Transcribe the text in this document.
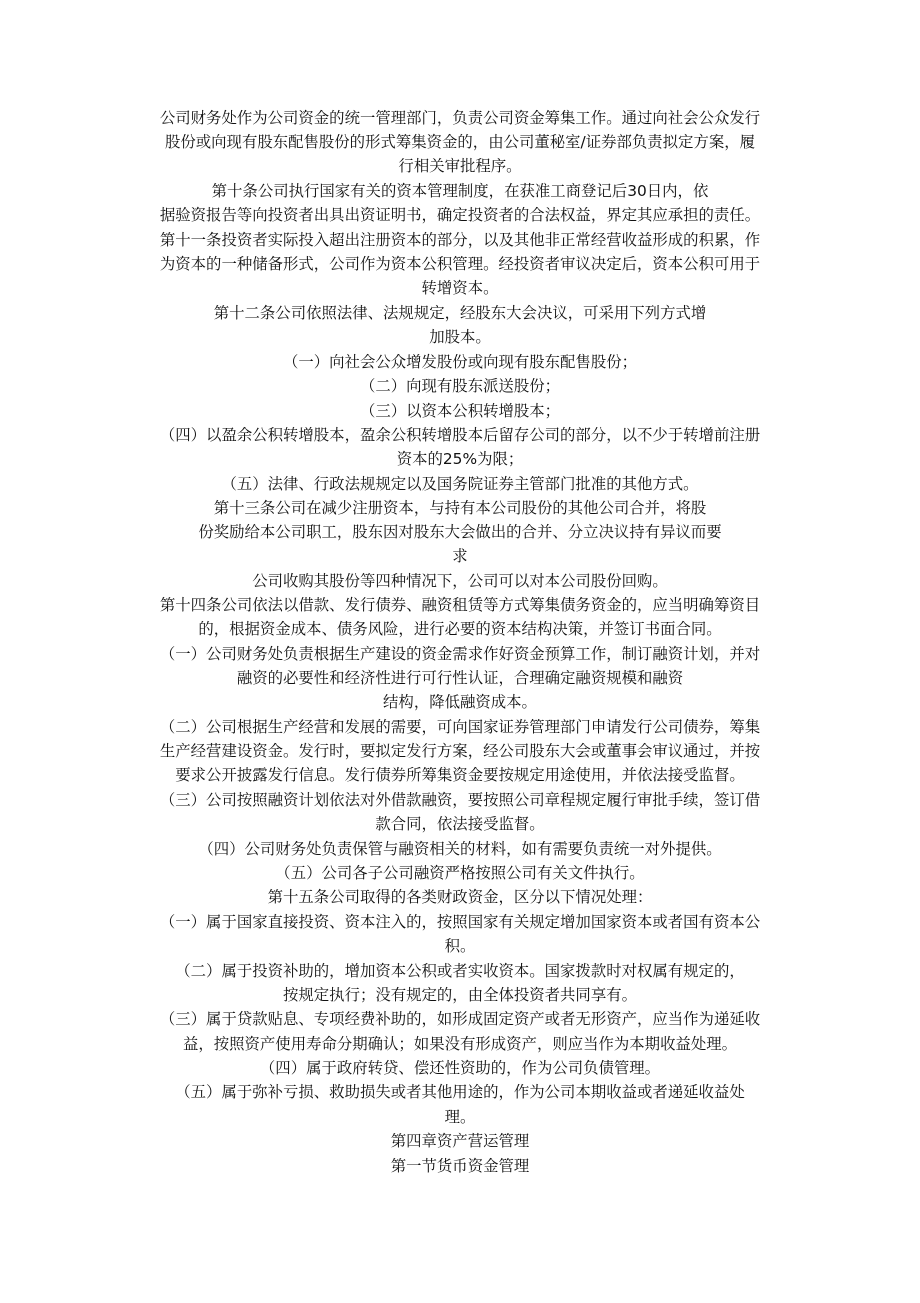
公司财务处作为公司资金的统一管理部门，负责公司资金筹集工作。通过向社会公众发行
股份或向现有股东配售股份的形式筹集资金的，由公司董秘室/证券部负责拟定方案，履
行相关审批程序。
第十条公司执行国家有关的资本管理制度，在获准工商登记后30日内，依
据验资报告等向投资者出具出资证明书，确定投资者的合法权益，界定其应承担的责任。
第十一条投资者实际投入超出注册资本的部分，以及其他非正常经营收益形成的积累，作
为资本的一种储备形式，公司作为资本公积管理。经投资者审议决定后，资本公积可用于
转增资本。
第十二条公司依照法律、法规规定，经股东大会决议，可采用下列方式增
加股本。
（一）向社会公众增发股份或向现有股东配售股份；
（二）向现有股东派送股份；
（三）以资本公积转增股本；
（四）以盈余公积转增股本，盈余公积转增股本后留存公司的部分，以不少于转增前注册
资本的25%为限；
（五）法律、行政法规规定以及国务院证券主管部门批准的其他方式。
第十三条公司在减少注册资本，与持有本公司股份的其他公司合并，将股
份奖励给本公司职工，股东因对股东大会做出的合并、分立决议持有异议而要
求
公司收购其股份等四种情况下，公司可以对本公司股份回购。
第十四条公司依法以借款、发行债券、融资租赁等方式筹集债务资金的，应当明确筹资目
的，根据资金成本、债务风险，进行必要的资本结构决策，并签订书面合同。
（一）公司财务处负责根据生产建设的资金需求作好资金预算工作，制订融资计划，并对
融资的必要性和经济性进行可行性认证，合理确定融资规模和融资
结构，降低融资成本。
（二）公司根据生产经营和发展的需要，可向国家证券管理部门申请发行公司债券，筹集
生产经营建设资金。发行时，要拟定发行方案，经公司股东大会或董事会审议通过，并按
要求公开披露发行信息。发行债券所筹集资金要按规定用途使用，并依法接受监督。
（三）公司按照融资计划依法对外借款融资，要按照公司章程规定履行审批手续，签订借
款合同，依法接受监督。
（四）公司财务处负责保管与融资相关的材料，如有需要负责统一对外提供。
（五）公司各子公司融资严格按照公司有关文件执行。
第十五条公司取得的各类财政资金，区分以下情况处理：
（一）属于国家直接投资、资本注入的，按照国家有关规定增加国家资本或者国有资本公
积。
（二）属于投资补助的，增加资本公积或者实收资本。国家拨款时对权属有规定的，
按规定执行；没有规定的，由全体投资者共同享有。
（三）属于贷款贴息、专项经费补助的，如形成固定资产或者无形资产，应当作为递延收
益，按照资产使用寿命分期确认；如果没有形成资产，则应当作为本期收益处理。
（四）属于政府转贷、偿还性资助的，作为公司负债管理。
（五）属于弥补亏损、救助损失或者其他用途的，作为公司本期收益或者递延收益处
理。
第四章资产营运管理
第一节货币资金管理
